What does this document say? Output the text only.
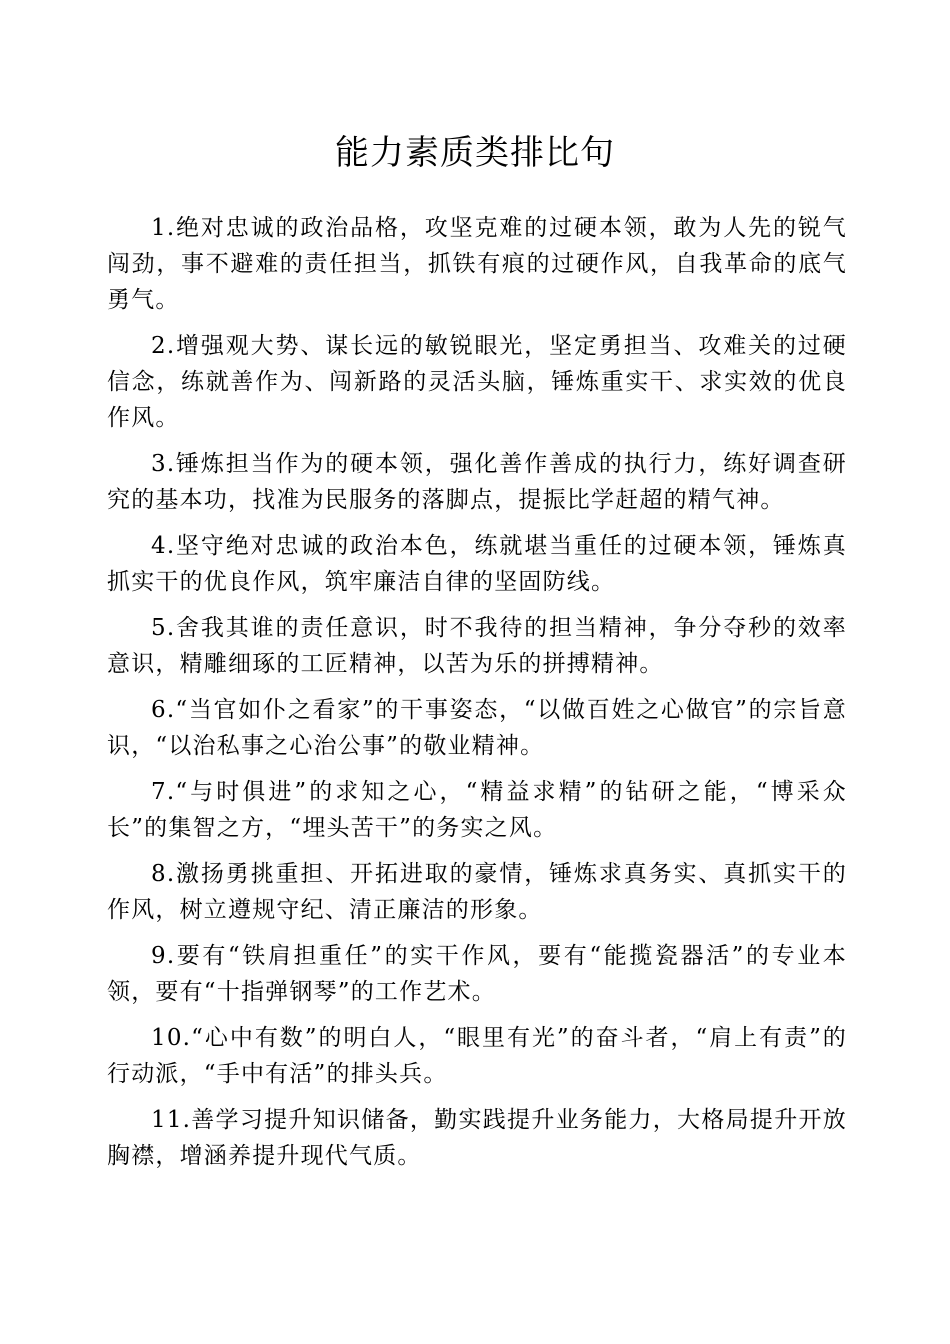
能力素质类排比句

1.绝对忠诚的政治品格，攻坚克难的过硬本领，敢为人先的锐气闯劲，事不避难的责任担当，抓铁有痕的过硬作风，自我革命的底气勇气。

2.增强观大势、谋长远的敏锐眼光，坚定勇担当、攻难关的过硬信念，练就善作为、闯新路的灵活头脑，锤炼重实干、求实效的优良作风。

3.锤炼担当作为的硬本领，强化善作善成的执行力，练好调查研究的基本功，找准为民服务的落脚点，提振比学赶超的精气神。

4.坚守绝对忠诚的政治本色，练就堪当重任的过硬本领，锤炼真抓实干的优良作风，筑牢廉洁自律的坚固防线。

5.舍我其谁的责任意识，时不我待的担当精神，争分夺秒的效率意识，精雕细琢的工匠精神，以苦为乐的拼搏精神。

6.“当官如仆之看家”的干事姿态，“以做百姓之心做官”的宗旨意识，“以治私事之心治公事”的敬业精神。

7.“与时俱进”的求知之心，“精益求精”的钻研之能，“博采众长”的集智之方，“埋头苦干”的务实之风。

8.激扬勇挑重担、开拓进取的豪情，锤炼求真务实、真抓实干的作风，树立遵规守纪、清正廉洁的形象。

9.要有“铁肩担重任”的实干作风，要有“能揽瓷器活”的专业本领，要有“十指弹钢琴”的工作艺术。

10.“心中有数”的明白人，“眼里有光”的奋斗者，“肩上有责”的行动派，“手中有活”的排头兵。

11.善学习提升知识储备，勤实践提升业务能力，大格局提升开放胸襟，增涵养提升现代气质。
